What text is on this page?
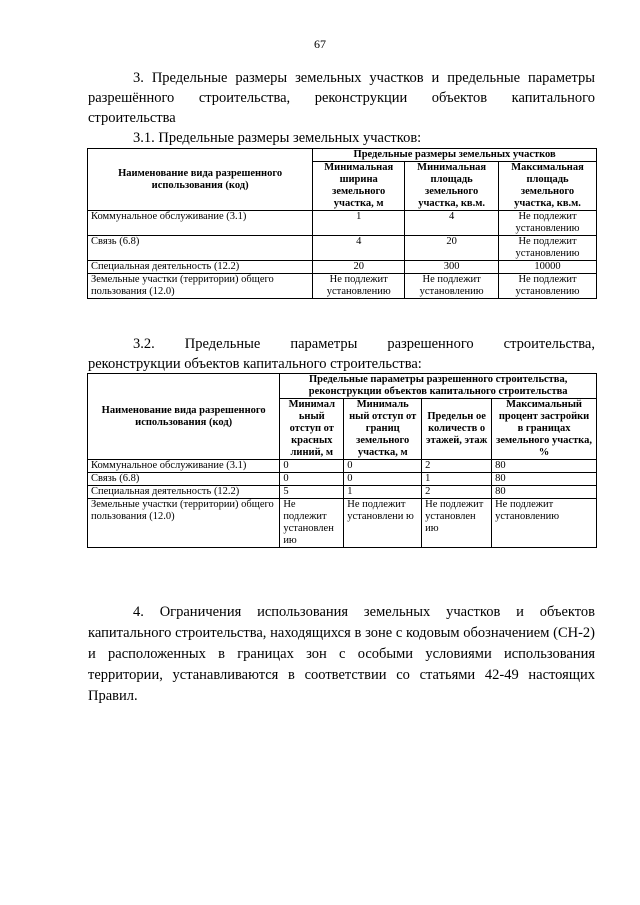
67

3. Предельные размеры земельных участков и предельные параметры

разрешённого строительства, реконструкции объектов капитального

строительства

3.1. Предельные размеры земельных участков:

Наименование вида разрешенного использования (код)	Предельные размеры земельных участков		
	Минимальная ширина земельного участка, м	Минимальная площадь земельного участка, кв.м.	Максимальная площадь земельного участка, кв.м.
Коммунальное обслуживание (3.1)	1	4	Не подлежит установлению
Связь (6.8)	4	20	Не подлежит установлению
Специальная деятельность (12.2)	20	300	10000
Земельные участки (территории) общего пользования (12.0)	Не подлежит установлению	Не подлежит установлению	Не подлежит установлению

3.2. Предельные параметры разрешенного строительства,

реконструкции объектов капитального строительства:

Наименование вида разрешенного использования (код)	Предельные параметры разрешенного строительства, реконструкции объектов капитального строительства			
	Минимал ьный отступ от красных линий, м	Минималь ный отступ от границ земельного участка, м	Предельн ое количеств о этажей, этаж	Максимальный процент застройки в границах земельного участка, %
Коммунальное обслуживание (3.1)	0	0	2	80
Связь (6.8)	0	0	1	80
Специальная деятельность (12.2)	5	1	2	80
Земельные участки (территории) общего пользования (12.0)	Не подлежит установлен ию	Не подлежит установлени ю	Не подлежит установлен ию	Не подлежит установлению

4. Ограничения использования земельных участков и объектов капитального строительства, находящихся в зоне с кодовым обозначением (СН-2) и расположенных в границах зон с особыми условиями использования территории, устанавливаются в соответствии со статьями 42-49 настоящих Правил.
